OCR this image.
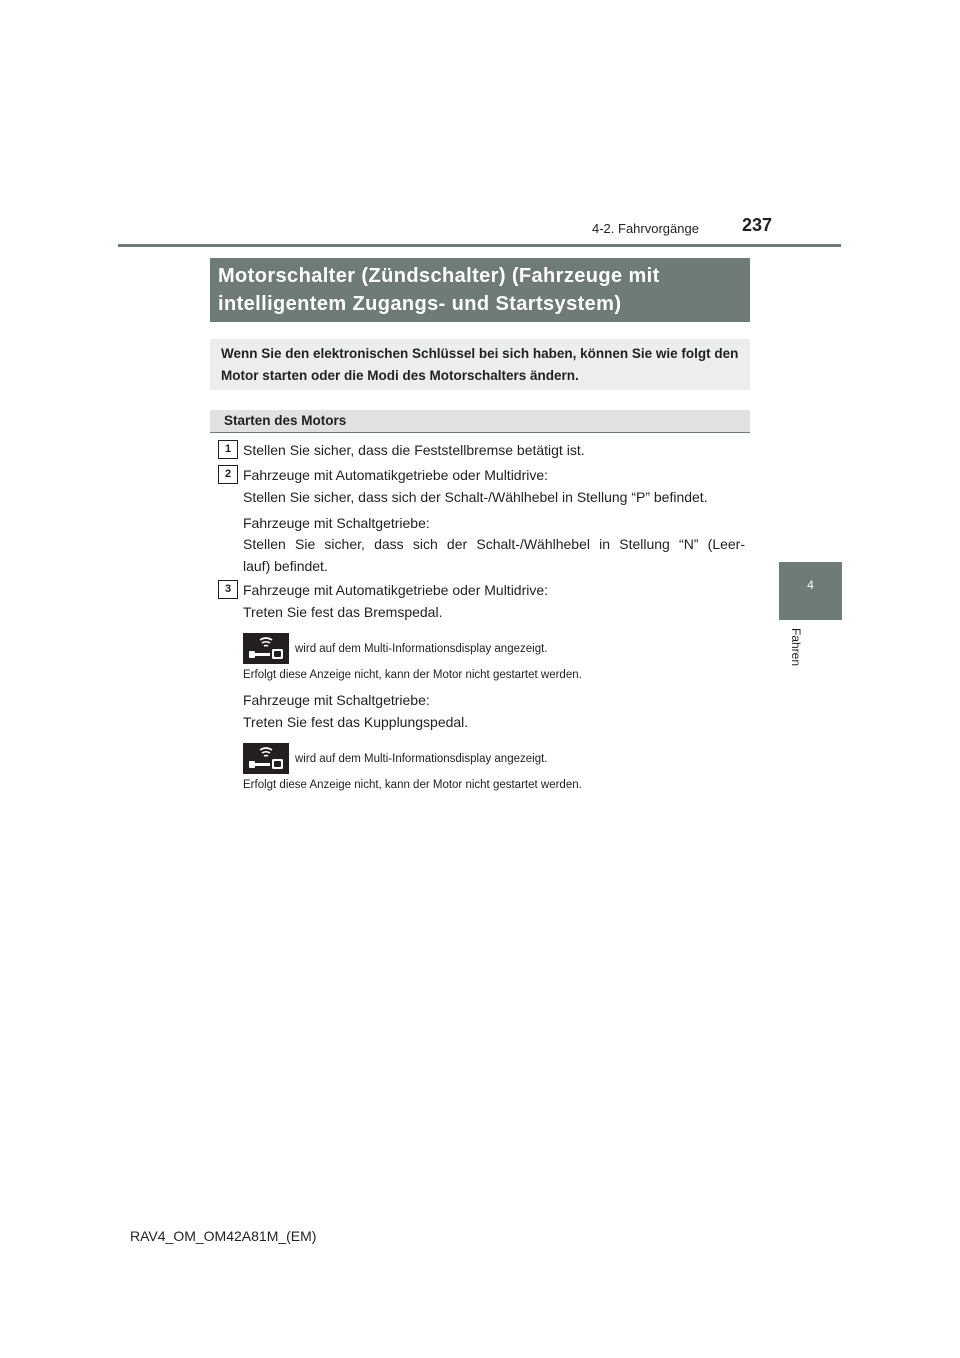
4-2. Fahrvorgänge 237
4
Fahren
Motorschalter (Zündschalter) (Fahrzeuge mit intelligentem Zugangs- und Startsystem)
Wenn Sie den elektronischen Schlüssel bei sich haben, können Sie wie folgt den Motor starten oder die Modi des Motorschalters ändern.
Starten des Motors
1 Stellen Sie sicher, dass die Feststellbremse betätigt ist.
2 Fahrzeuge mit Automatikgetriebe oder Multidrive:
Stellen Sie sicher, dass sich der Schalt-/Wählhebel in Stellung “P” befindet.
Fahrzeuge mit Schaltgetriebe:
Stellen Sie sicher, dass sich der Schalt-/Wählhebel in Stellung “N” (Leer-
lauf) befindet.
3 Fahrzeuge mit Automatikgetriebe oder Multidrive:
Treten Sie fest das Bremspedal.
wird auf dem Multi-Informationsdisplay angezeigt.
Erfolgt diese Anzeige nicht, kann der Motor nicht gestartet werden.
Fahrzeuge mit Schaltgetriebe:
Treten Sie fest das Kupplungspedal.
wird auf dem Multi-Informationsdisplay angezeigt.
Erfolgt diese Anzeige nicht, kann der Motor nicht gestartet werden.
RAV4_OM_OM42A81M_(EM)
